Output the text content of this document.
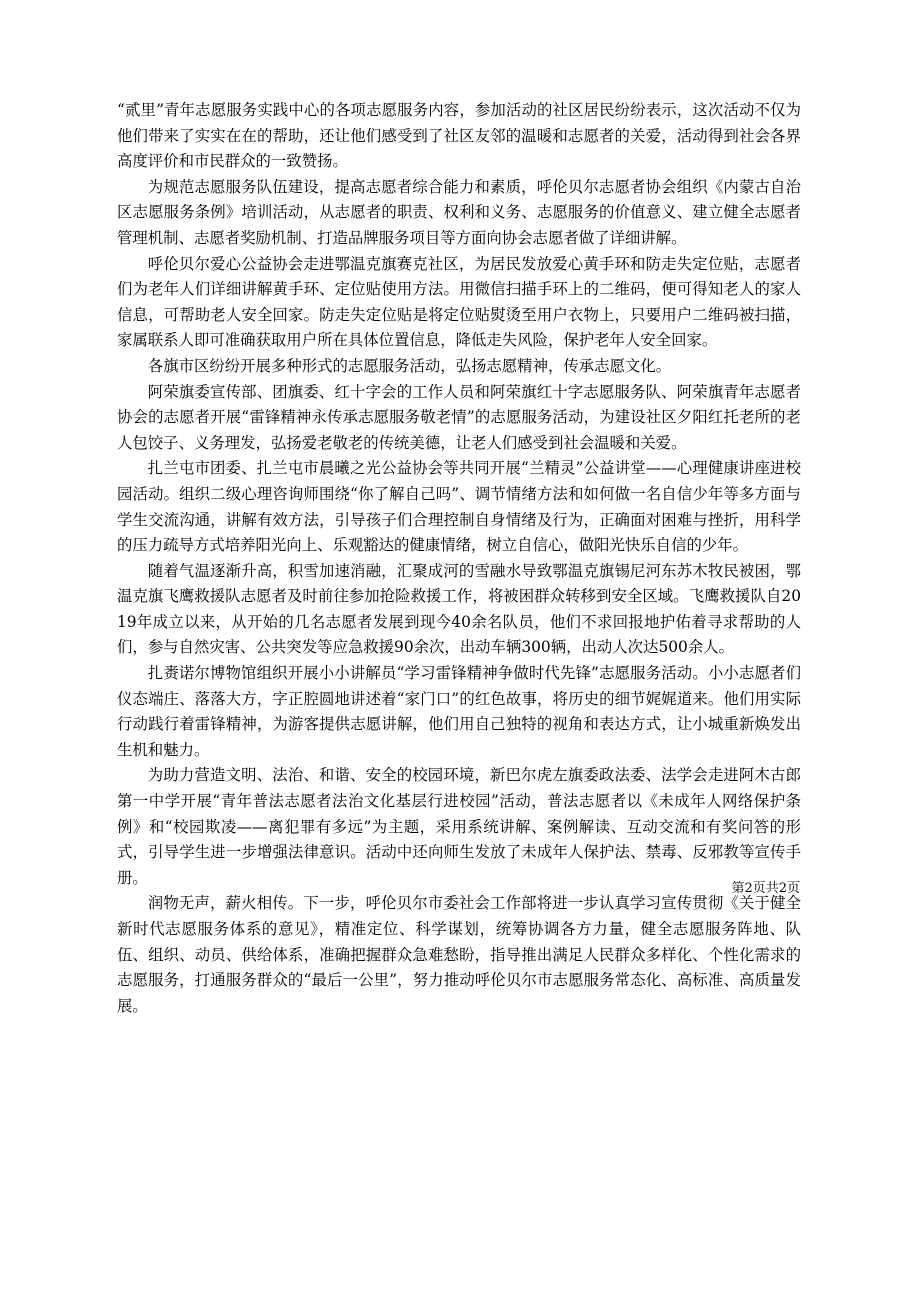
“贰里”青年志愿服务实践中心的各项志愿服务内容，参加活动的社区居民纷纷表示，这次活动不仅为他们带来了实实在在的帮助，还让他们感受到了社区友邻的温暖和志愿者的关爱，活动得到社会各界高度评价和市民群众的一致赞扬。

为规范志愿服务队伍建设，提高志愿者综合能力和素质，呼伦贝尔志愿者协会组织《内蒙古自治区志愿服务条例》培训活动，从志愿者的职责、权利和义务、志愿服务的价值意义、建立健全志愿者管理机制、志愿者奖励机制、打造品牌服务项目等方面向协会志愿者做了详细讲解。

呼伦贝尔爱心公益协会走进鄂温克旗赛克社区，为居民发放爱心黄手环和防走失定位贴，志愿者们为老年人们详细讲解黄手环、定位贴使用方法。用微信扫描手环上的二维码，便可得知老人的家人信息，可帮助老人安全回家。防走失定位贴是将定位贴熨烫至用户衣物上，只要用户二维码被扫描，家属联系人即可准确获取用户所在具体位置信息，降低走失风险，保护老年人安全回家。

各旗市区纷纷开展多种形式的志愿服务活动，弘扬志愿精神，传承志愿文化。

阿荣旗委宣传部、团旗委、红十字会的工作人员和阿荣旗红十字志愿服务队、阿荣旗青年志愿者协会的志愿者开展“雷锋精神永传承志愿服务敬老情”的志愿服务活动，为建设社区夕阳红托老所的老人包饺子、义务理发，弘扬爱老敬老的传统美德，让老人们感受到社会温暖和关爱。

扎兰屯市团委、扎兰屯市晨曦之光公益协会等共同开展“兰精灵”公益讲堂——心理健康讲座进校园活动。组织二级心理咨询师围绕“你了解自己吗”、调节情绪方法和如何做一名自信少年等多方面与学生交流沟通，讲解有效方法，引导孩子们合理控制自身情绪及行为，正确面对困难与挫折，用科学的压力疏导方式培养阳光向上、乐观豁达的健康情绪，树立自信心，做阳光快乐自信的少年。

随着气温逐渐升高，积雪加速消融，汇聚成河的雪融水导致鄂温克旗锡尼河东苏木牧民被困，鄂温克旗飞鹰救援队志愿者及时前往参加抢险救援工作，将被困群众转移到安全区域。飞鹰救援队自2019年成立以来，从开始的几名志愿者发展到现今40余名队员，他们不求回报地护佑着寻求帮助的人们，参与自然灾害、公共突发等应急救援90余次，出动车辆300辆，出动人次达500余人。

扎赉诺尔博物馆组织开展小小讲解员“学习雷锋精神争做时代先锋”志愿服务活动。小小志愿者们仪态端庄、落落大方，字正腔圆地讲述着“家门口”的红色故事，将历史的细节娓娓道来。他们用实际行动践行着雷锋精神，为游客提供志愿讲解，他们用自己独特的视角和表达方式，让小城重新焕发出生机和魅力。

为助力营造文明、法治、和谐、安全的校园环境，新巴尔虎左旗委政法委、法学会走进阿木古郎第一中学开展“青年普法志愿者法治文化基层行进校园”活动，普法志愿者以《未成年人网络保护条例》和“校园欺凌——离犯罪有多远”为主题，采用系统讲解、案例解读、互动交流和有奖问答的形式，引导学生进一步增强法律意识。活动中还向师生发放了未成年人保护法、禁毒、反邪教等宣传手册。

润物无声，薪火相传。下一步，呼伦贝尔市委社会工作部将进一步认真学习宣传贯彻《关于健全新时代志愿服务体系的意见》，精准定位、科学谋划，统筹协调各方力量，健全志愿服务阵地、队伍、组织、动员、供给体系，准确把握群众急难愁盼，指导推出满足人民群众多样化、个性化需求的志愿服务，打通服务群众的“最后一公里”，努力推动呼伦贝尔市志愿服务常态化、高标准、高质量发展。

第2页共2页
